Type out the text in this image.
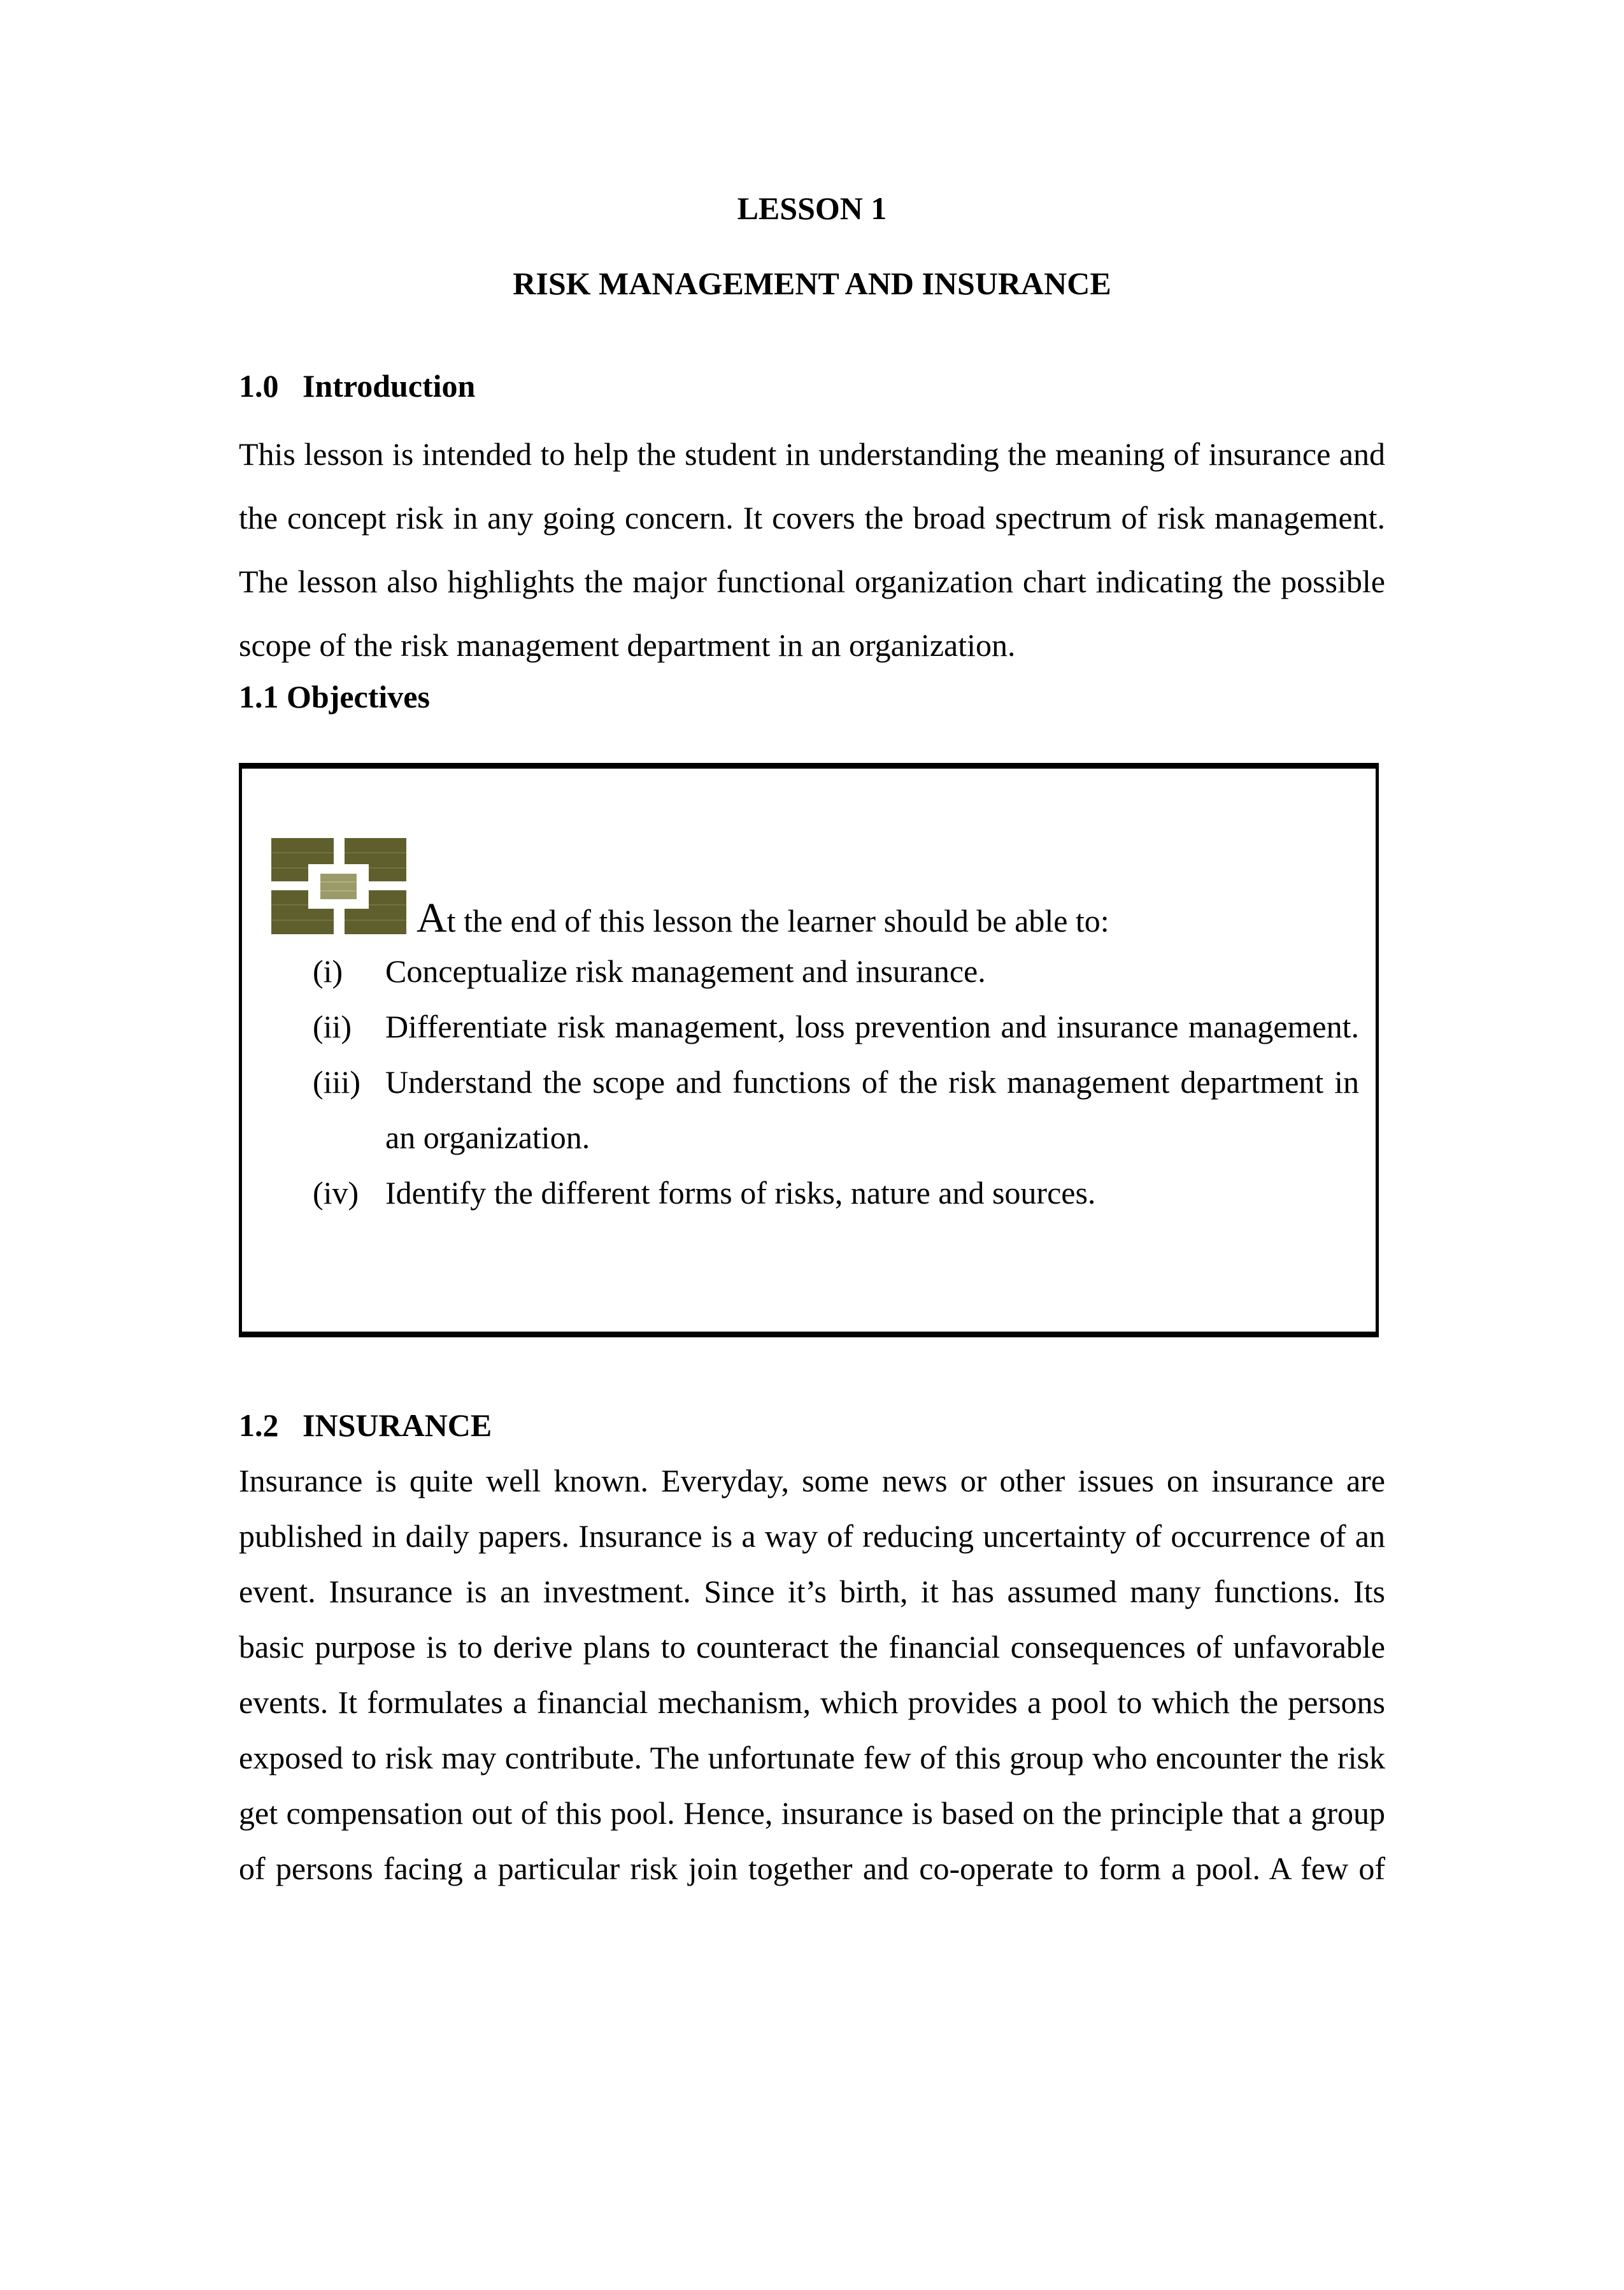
LESSON 1
RISK MANAGEMENT AND INSURANCE
1.0   Introduction
This lesson is intended to help the student in understanding the meaning of insurance and
the concept risk in any going concern. It covers the broad spectrum of risk management.
The lesson also highlights the major functional organization chart indicating the possible
scope of the risk management department in an organization.
1.1 Objectives
At the end of this lesson the learner should be able to:
(i) Conceptualize risk management and insurance.
(ii) Differentiate risk management, loss prevention and insurance management.
(iii) Understand the scope and functions of the risk management department in
an organization.
(iv) Identify the different forms of risks, nature and sources.
1.2   INSURANCE
Insurance is quite well known. Everyday, some news or other issues on insurance are
published in daily papers. Insurance is a way of reducing uncertainty of occurrence of an
event. Insurance is an investment. Since it’s birth, it has assumed many functions. Its
basic purpose is to derive plans to counteract the financial consequences of unfavorable
events. It formulates a financial mechanism, which provides a pool to which the persons
exposed to risk may contribute. The unfortunate few of this group who encounter the risk
get compensation out of this pool. Hence, insurance is based on the principle that a group
of persons facing a particular risk join together and co-operate to form a pool. A few of
